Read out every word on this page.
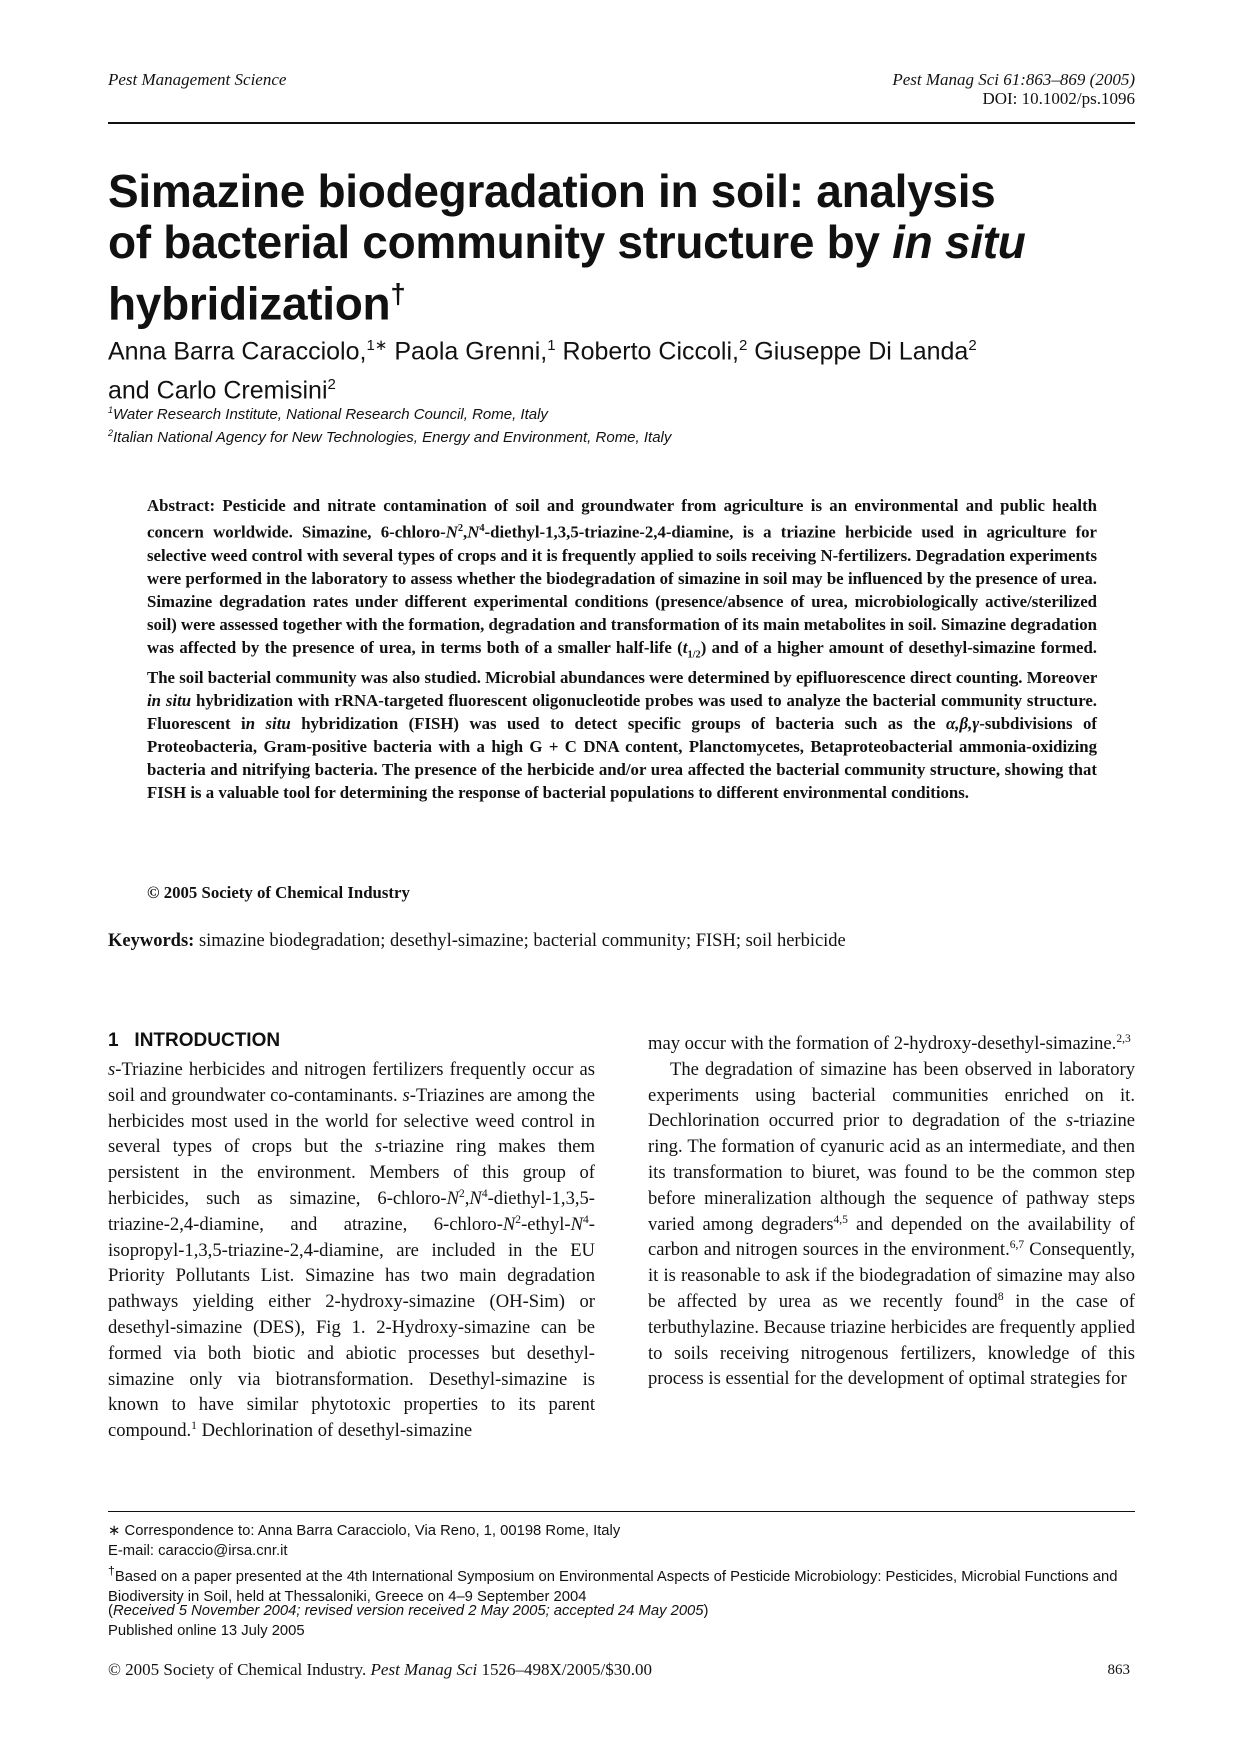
Pest Management Science	Pest Manag Sci 61:863–869 (2005)
DOI: 10.1002/ps.1096
Simazine biodegradation in soil: analysis
of bacterial community structure by in situ
hybridization†
Anna Barra Caracciolo,$^{1∗}$ Paola Grenni,$^1$ Roberto Ciccoli,$^2$ Giuseppe Di Landa$^2$
and Carlo Cremisini$^2$
$^1$Water Research Institute, National Research Council, Rome, Italy
$^2$Italian National Agency for New Technologies, Energy and Environment, Rome, Italy
Abstract: Pesticide and nitrate contamination of soil and groundwater from agriculture is an environmental and public health concern worldwide. Simazine, $6-chloro-N^2,N^4-diethyl-1,3,5-triazine-2,4$-diamine, is a triazine herbicide used in agriculture for selective weed control with several types of crops and it is frequently applied to soils receiving N-fertilizers. Degradation experiments were performed in the laboratory to assess whether the biodegradation of simazine in soil may be influenced by the presence of urea. Simazine degradation rates under different experimental conditions (presence/absence of urea, microbiologically active/sterilized soil) were assessed together with the formation, degradation and transformation of its main metabolites in soil. Simazine degradation was affected by the presence of urea, in terms both of a smaller half-life $(t_{1/2})$ and of a higher amount of desethyl-simazine formed. The soil bacterial community was also studied. Microbial abundances were determined by epifluorescence direct counting. Moreover in situ hybridization with rRNA-targeted fluorescent oligonucleotide probes was used to analyze the bacterial community structure. Fluorescent in situ hybridization (FISH) was used to detect specific groups of bacteria such as the α,β,γ-subdivisions of Proteobacteria, Gram-positive bacteria with a high G + C DNA content, Planctomycetes, Betaproteobacterial ammonia-oxidizing bacteria and nitrifying bacteria. The presence of the herbicide and/or urea affected the bacterial community structure, showing that FISH is a valuable tool for determining the response of bacterial populations to different environmental conditions.
© 2005 Society of Chemical Industry
Keywords: simazine biodegradation; desethyl-simazine; bacterial community; FISH; soil herbicide
1 INTRODUCTION
s-Triazine herbicides and nitrogen fertilizers frequently occur as soil and groundwater co-contaminants. s-Triazines are among the herbicides most used in the world for selective weed control in several types of crops but the s-triazine ring makes them persistent in the environment. Members of this group of herbicides, such as simazine, $6-chloro-N^2,N^4-diethyl-1,3,5-triazine-2,4$-diamine, and atrazine, $6-chloro-N^2-ethyl-N^4-isopropyl-1,3,5-triazine-2,4$-diamine, are included in the EU Priority Pollutants List. Simazine has two main degradation pathways yielding either 2-hydroxy-simazine (OH-Sim) or desethyl-simazine (DES), Fig 1. 2-Hydroxy-simazine can be formed via both biotic and abiotic processes but desethyl-simazine only via biotransformation. Desethyl-simazine is known to have similar phytotoxic properties to its parent compound.$^1$ Dechlorination of desethyl-simazine
may occur with the formation of 2-hydroxy-desethyl-simazine.$^{2,3}$
The degradation of simazine has been observed in laboratory experiments using bacterial communities enriched on it. Dechlorination occurred prior to degradation of the s-triazine ring. The formation of cyanuric acid as an intermediate, and then its transformation to biuret, was found to be the common step before mineralization although the sequence of pathway steps varied among degraders$^{4,5}$ and depended on the availability of carbon and nitrogen sources in the environment.$^{6,7}$ Consequently, it is reasonable to ask if the biodegradation of simazine may also be affected by urea as we recently found$^8$ in the case of terbuthylazine. Because triazine herbicides are frequently applied to soils receiving nitrogenous fertilizers, knowledge of this process is essential for the development of optimal strategies for
∗ Correspondence to: Anna Barra Caracciolo, Via Reno, 1, 00198 Rome, Italy
E-mail: caraccio@irsa.cnr.it
†Based on a paper presented at the 4th International Symposium on Environmental Aspects of Pesticide Microbiology: Pesticides, Microbial Functions and Biodiversity in Soil, held at Thessaloniki, Greece on 4–9 September 2004
(Received 5 November 2004; revised version received 2 May 2005; accepted 24 May 2005)
Published online 13 July 2005
© 2005 Society of Chemical Industry. Pest Manag Sci 1526–498X/2005/$30.00	863
